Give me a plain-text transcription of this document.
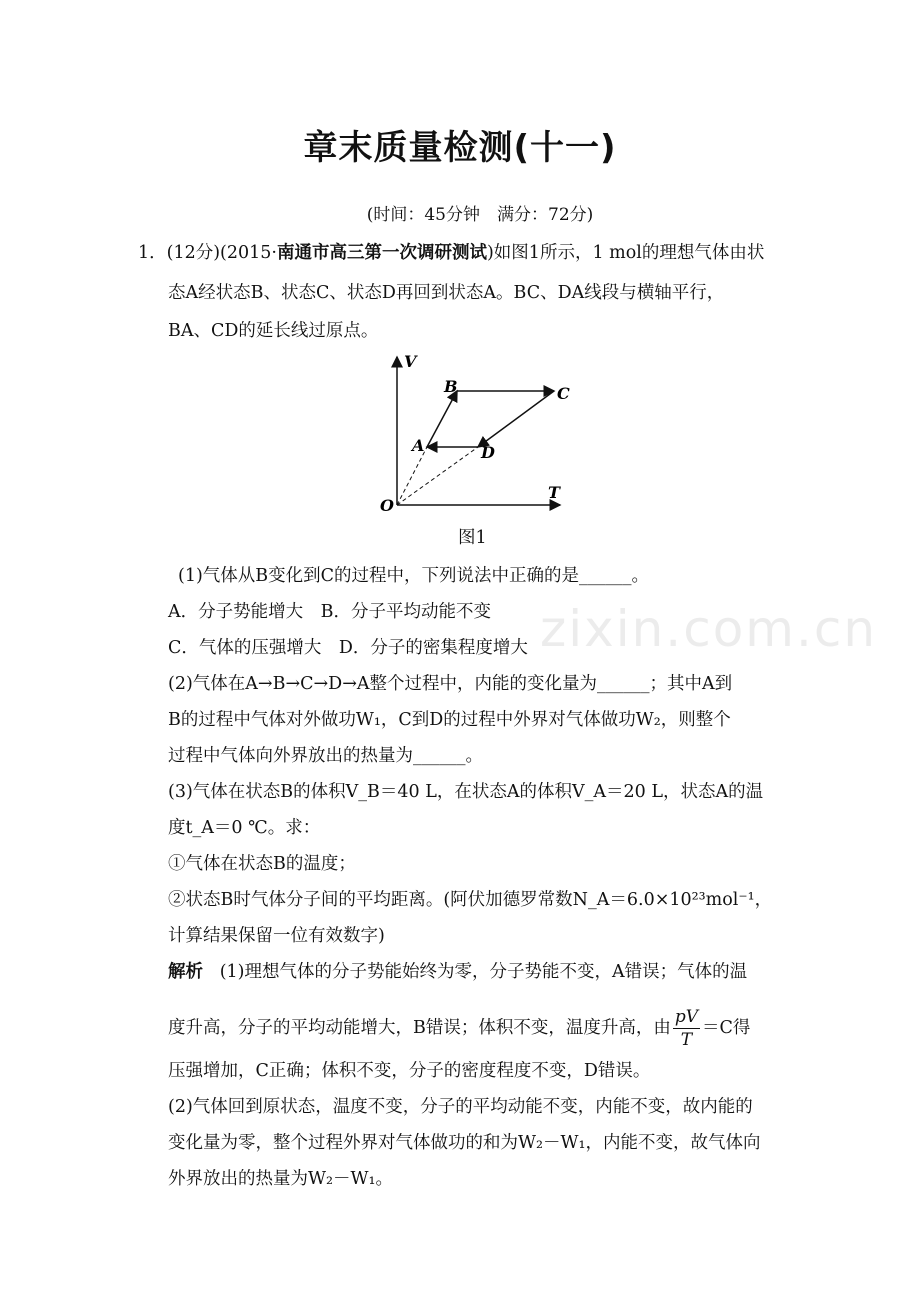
zixin.com.cn
章末质量检测(十一)
(时间：45分钟　满分：72分)
1．(12分)(2015·南通市高三第一次调研测试)如图1所示，1 mol的理想气体由状
态A经状态B、状态C、状态D再回到状态A。BC、DA线段与横轴平行，
BA、CD的延长线过原点。
V
T
O
A
B	C
D
图1
(1)气体从B变化到C的过程中，下列说法中正确的是______。
A．分子势能增大　B．分子平均动能不变
C．气体的压强增大　D．分子的密集程度增大
(2)气体在A→B→C→D→A整个过程中，内能的变化量为______；其中A到
B的过程中气体对外做功W₁，C到D的过程中外界对气体做功W₂，则整个
过程中气体向外界放出的热量为______。
(3)气体在状态B的体积V_B＝40 L，在状态A的体积V_A＝20 L，状态A的温
度t_A＝0 ℃。求：
①气体在状态B的温度；
②状态B时气体分子间的平均距离。(阿伏加德罗常数N_A＝6.0×10²³mol⁻¹，
计算结果保留一位有效数字)
解析 (1)理想气体的分子势能始终为零，分子势能不变，A错误；气体的温
度升高，分子的平均动能增大，B错误；体积不变，温度升高，由 $\frac{pV}{T} =C$得
压强增加，C正确；体积不变，分子的密度程度不变，D错误。
(2)气体回到原状态，温度不变，分子的平均动能不变，内能不变，故内能的
变化量为零，整个过程外界对气体做功的和为W₂－W₁，内能不变，故气体向
外界放出的热量为W₂－W₁。
